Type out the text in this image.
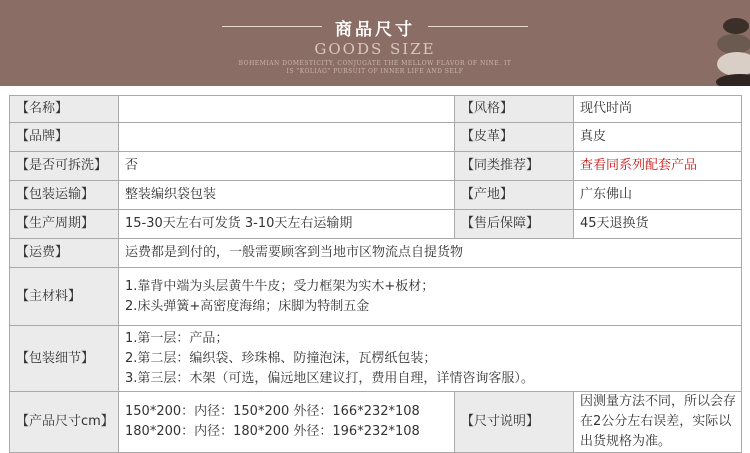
商品尺寸
GOODS SIZE
BOHEMIAN DOMESTICITY, CONJUGATE THE MELLOW FLAVOR OF NINE. IT
IS "KOLIAG" PURSUIT OF INNER LIFE AND SELF
【名称】		【风格】	现代时尚
【品牌】		【皮革】	真皮
【是否可拆洗】	否	【同类推荐】	查看同系列配套产品
【包装运输】	整装编织袋包装	【产地】	广东佛山
【生产周期】	15-30天左右可发货 3-10天左右运输期	【售后保障】	45天退换货
【运费】	运费都是到付的，一般需要顾客到当地市区物流点自提货物		
【主材料】	1.靠背中端为头层黄牛牛皮；受力框架为实木+板材；
2.床头弹簧+高密度海绵；床脚为特制五金		

【包装细节】	1.第一层：产品；
2.第二层：编织袋、珍珠棉、防撞泡沫，瓦楞纸包装；
3.第三层：木架（可选，偏远地区建议打，费用自理，详情咨询客服）。		

【产品尺寸cm】	150*200：内径：150*200 外径：166*232*108
180*200：内径：180*200 外径：196*232*108	【尺寸说明】	因测量方法不同，所以会存
在2公分左右误差，实际以
出货规格为准。
